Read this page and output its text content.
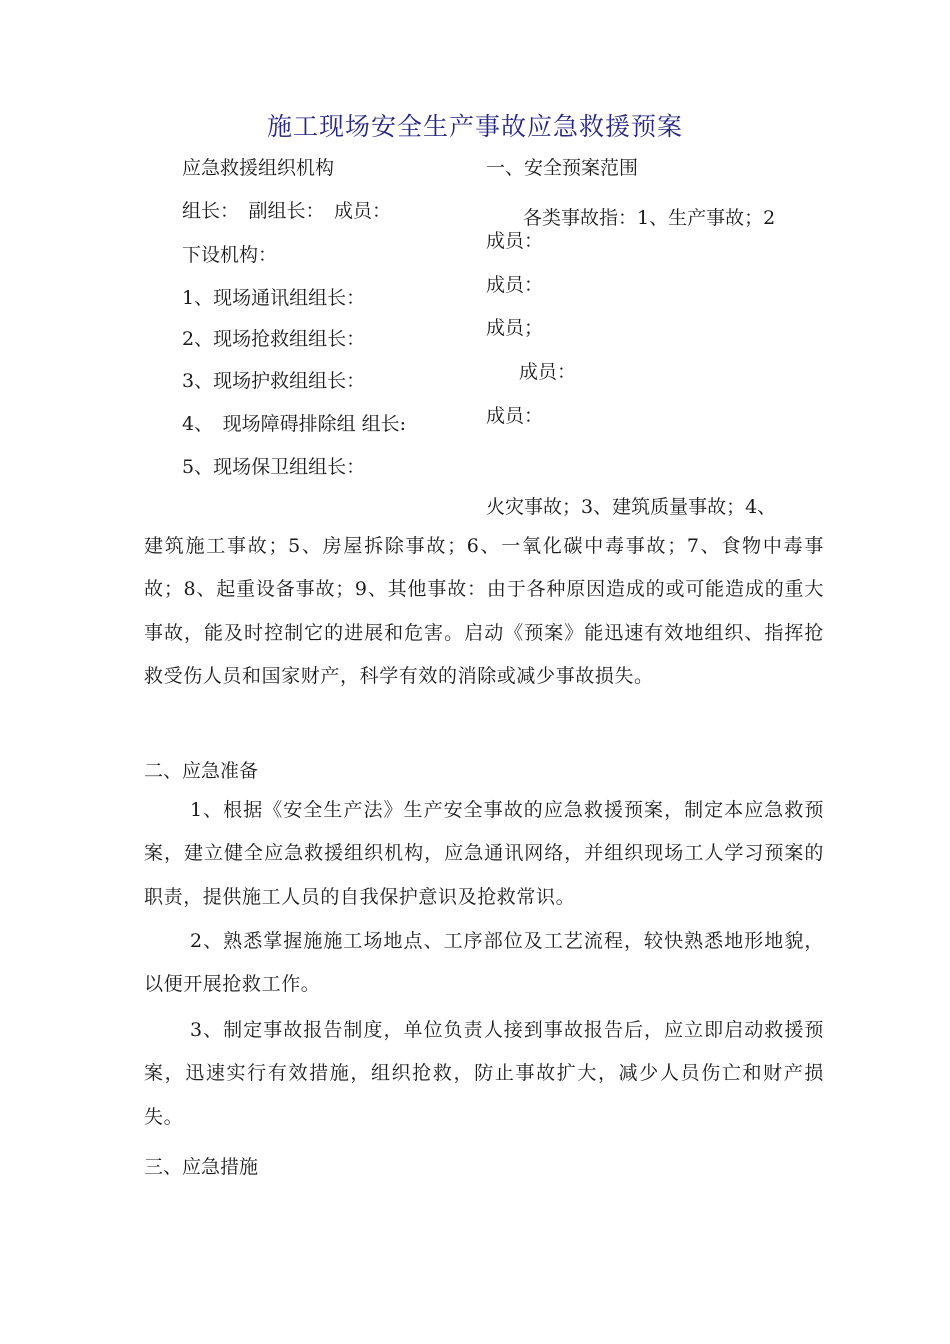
施工现场安全生产事故应急救援预案
应急救援组织机构
组长：　副组长：　成员：
下设机构：
1、现场通讯组组长：
2、现场抢救组组长：
3、现场护救组组长：
4、　现场障碍排除组 组长:
5、现场保卫组组长：
一、安全预案范围
各类事故指：1、生产事故；2
成员：
成员：
成员；
成员：
成员：
火灾事故；3、建筑质量事故；4、
建筑施工事故；5、房屋拆除事故；6、一氧化碳中毒事故；7、食物中毒事故；8、起重设备事故；9、其他事故：由于各种原因造成的或可能造成的重大事故，能及时控制它的进展和危害。启动《预案》能迅速有效地组织、指挥抢救受伤人员和国家财产，科学有效的消除或减少事故损失。
二、应急准备
1、根据《安全生产法》生产安全事故的应急救援预案，制定本应急救预案，建立健全应急救援组织机构，应急通讯网络，并组织现场工人学习预案的职责，提供施工人员的自我保护意识及抢救常识。
2、熟悉掌握施施工场地点、工序部位及工艺流程，较快熟悉地形地貌，以便开展抢救工作。
3、制定事故报告制度，单位负责人接到事故报告后，应立即启动救援预案，迅速实行有效措施，组织抢救，防止事故扩大，减少人员伤亡和财产损失。
三、应急措施
